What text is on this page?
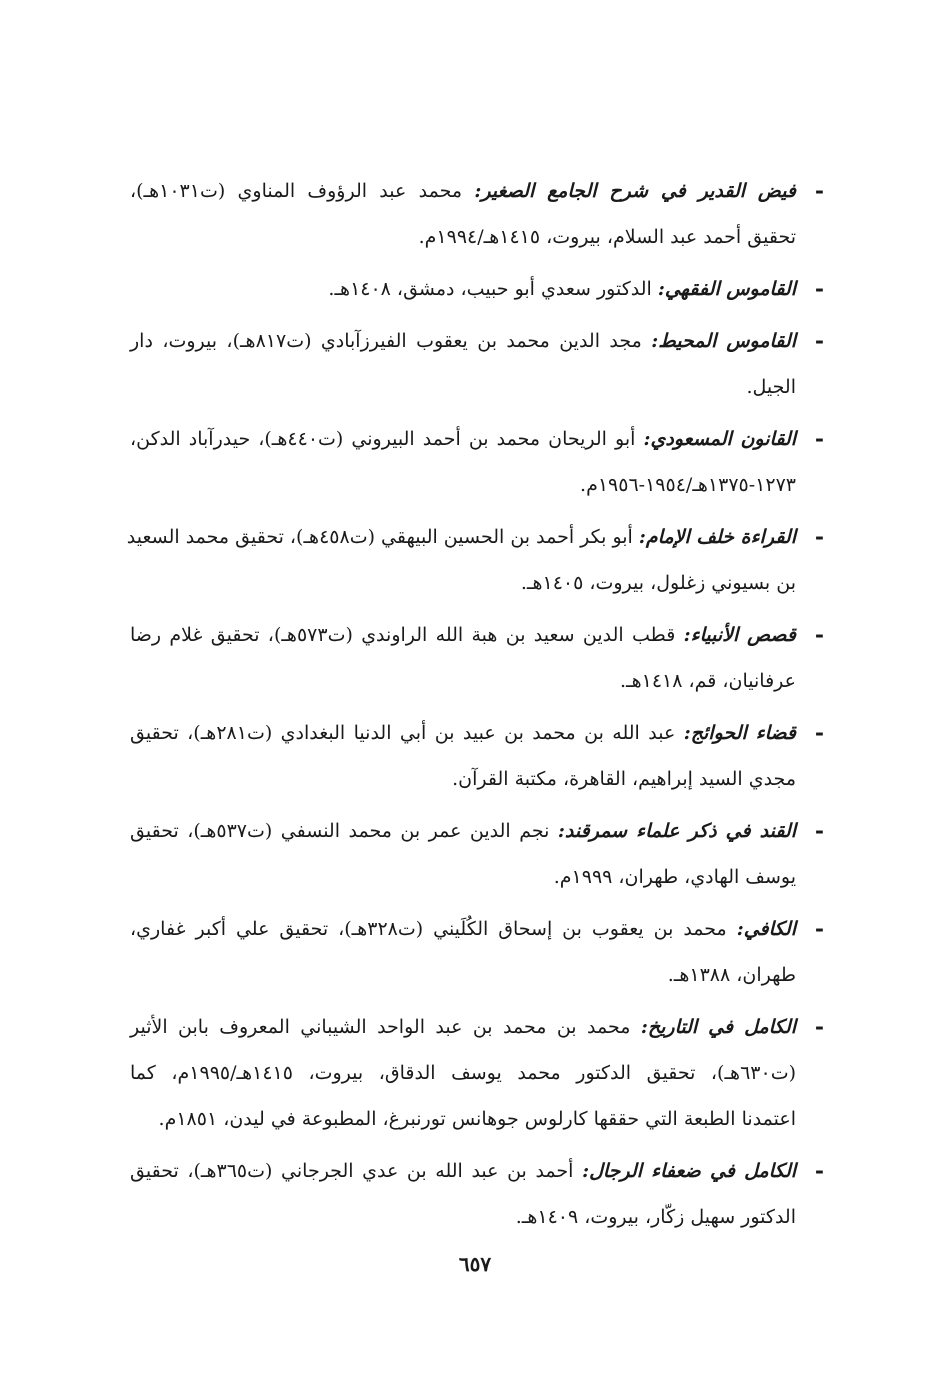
-
فيض القدير في شرح الجامع الصغير: محمد عبد الرؤوف المناوي (ت١٠٣١هـ)،
تحقيق أحمد عبد السلام، بيروت، ١٤١٥هـ/١٩٩٤م.
-
القاموس الفقهي: الدكتور سعدي أبو حبيب، دمشق، ١٤٠٨هـ.
-
القاموس المحيط: مجد الدين محمد بن يعقوب الفيرزآبادي (ت٨١٧هـ)، بيروت، دار
الجيل.
-
القانون المسعودي: أبو الريحان محمد بن أحمد البيروني (ت٤٤٠هـ)، حيدرآباد الدكن،
١٢٧٣-١٣٧٥هـ/١٩٥٤-١٩٥٦م.
-
القراءة خلف الإمام: أبو بكر أحمد بن الحسين البيهقي (ت٤٥٨هـ)، تحقيق محمد السعيد
بن بسيوني زغلول، بيروت، ١٤٠٥هـ.
-
قصص الأنبياء: قطب الدين سعيد بن هبة الله الراوندي (ت٥٧٣هـ)، تحقيق غلام رضا
عرفانيان، قم، ١٤١٨هـ.
-
قضاء الحوائج: عبد الله بن محمد بن عبيد بن أبي الدنيا البغدادي (ت٢٨١هـ)، تحقيق
مجدي السيد إبراهيم، القاهرة، مكتبة القرآن.
-
القند في ذكر علماء سمرقند: نجم الدين عمر بن محمد النسفي (ت٥٣٧هـ)، تحقيق
يوسف الهادي، طهران، ١٩٩٩م.
-
الكافي: محمد بن يعقوب بن إسحاق الكُلَيني (ت٣٢٨هـ)، تحقيق علي أكبر غفاري،
طهران، ١٣٨٨هـ.
-
الكامل في التاريخ: محمد بن محمد بن عبد الواحد الشيباني المعروف بابن الأثير
(ت٦٣٠هـ)، تحقيق الدكتور محمد يوسف الدقاق، بيروت، ١٤١٥هـ/١٩٩٥م، كما
اعتمدنا الطبعة التي حققها كارلوس جوهانس تورنبرغ، المطبوعة في ليدن، ١٨٥١م.
-
الكامل في ضعفاء الرجال: أحمد بن عبد الله بن عدي الجرجاني (ت٣٦٥هـ)، تحقيق
الدكتور سهيل زكّار، بيروت، ١٤٠٩هـ.
٦٥٧
